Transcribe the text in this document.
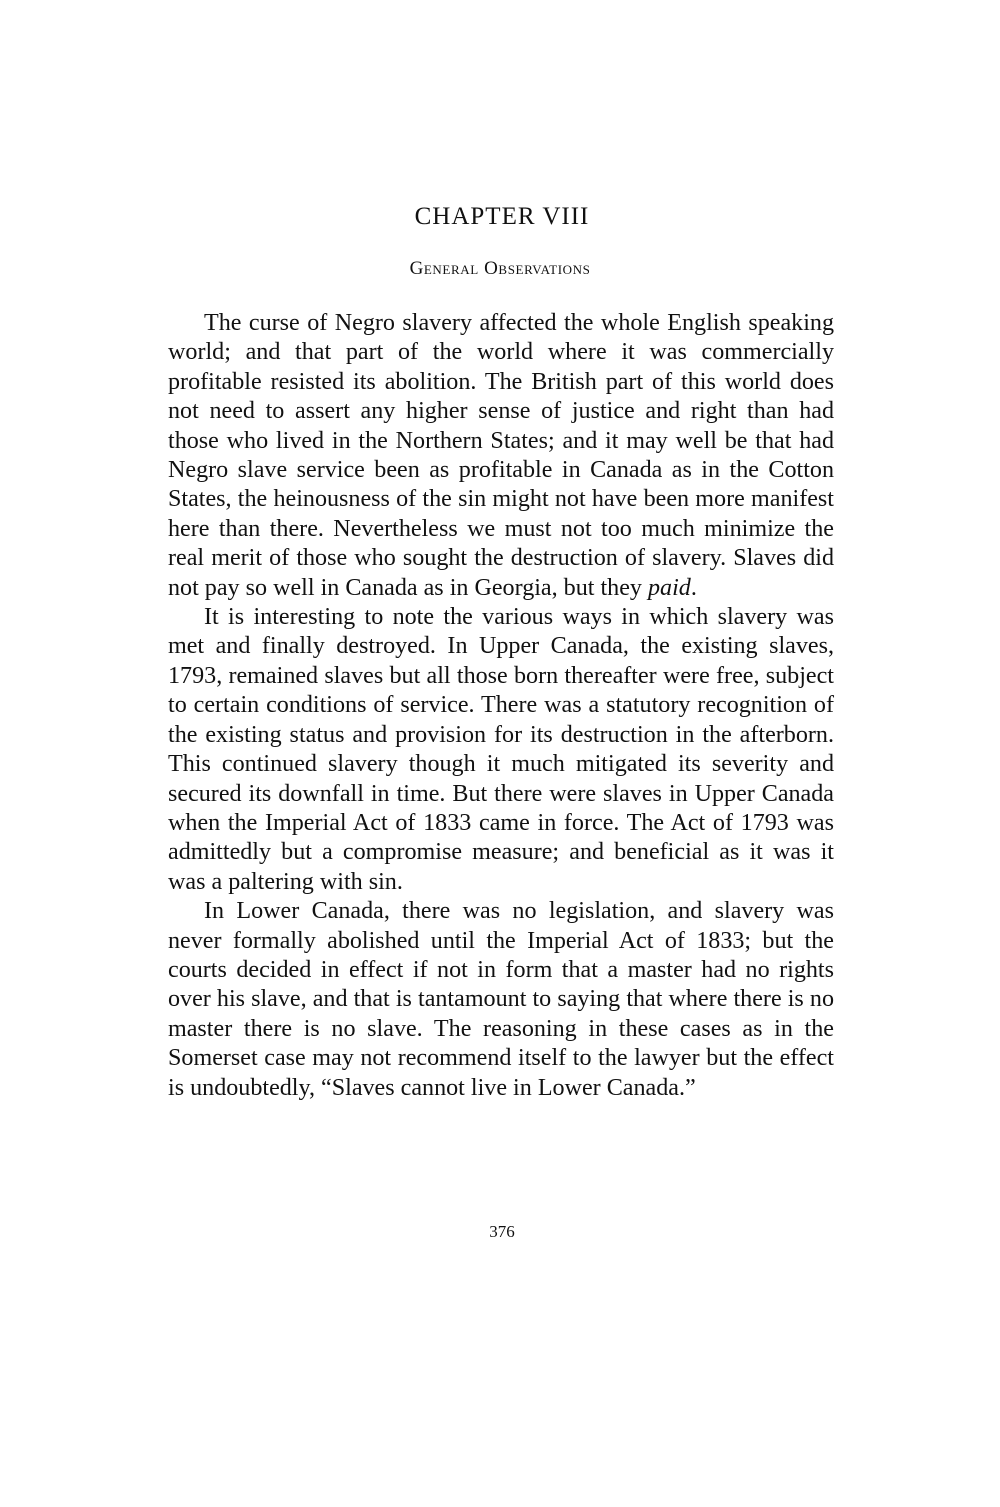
CHAPTER VIII
General Observations

The curse of Negro slavery affected the whole English speaking world; and that part of the world where it was commercially profitable resisted its abolition. The British part of this world does not need to assert any higher sense of justice and right than had those who lived in the Northern States; and it may well be that had Negro slave service been as profitable in Canada as in the Cotton States, the heinousness of the sin might not have been more manifest here than there. Nevertheless we must not too much minimize the real merit of those who sought the destruction of slavery. Slaves did not pay so well in Canada as in Georgia, but they paid.

It is interesting to note the various ways in which slavery was met and finally destroyed. In Upper Canada, the existing slaves, 1793, remained slaves but all those born thereafter were free, subject to certain conditions of service. There was a statutory recognition of the existing status and provision for its destruction in the afterborn. This continued slavery though it much mitigated its severity and secured its downfall in time. But there were slaves in Upper Canada when the Imperial Act of 1833 came in force. The Act of 1793 was admittedly but a compromise measure; and beneficial as it was it was a paltering with sin.

In Lower Canada, there was no legislation, and slavery was never formally abolished until the Imperial Act of 1833; but the courts decided in effect if not in form that a master had no rights over his slave, and that is tantamount to saying that where there is no master there is no slave. The reasoning in these cases as in the Somerset case may not recommend itself to the lawyer but the effect is undoubtedly, “Slaves cannot live in Lower Canada.”

376
